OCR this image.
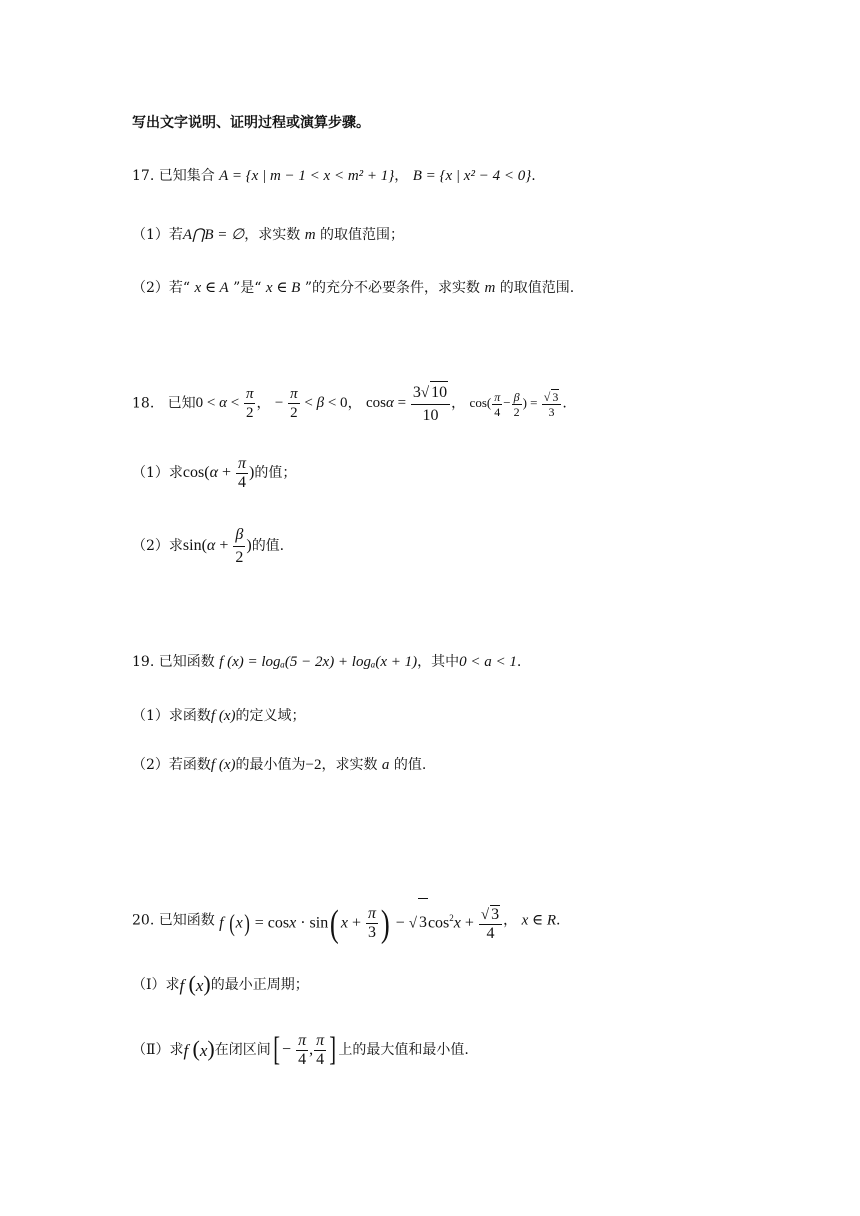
写出文字说明、证明过程或演算步骤。
17. 已知集合 A = {x | m − 1 < x < m² + 1}， B = {x | x² − 4 < 0}.
（1）若A⋂B = ∅，求实数 m 的取值范围；
（2）若“ x ∈ A ”是“ x ∈ B ”的充分不必要条件，求实数 m 的取值范围.
18. 已知$0 < \alpha < \frac{\pi}{2}$ ， − $\frac{\pi}{2} < \beta < 0$， $\cos\alpha = \frac{3√ 10}{10}$ ， $\cos( \frac{\pi}{4} - \frac{\beta}{2}$ ) = $\frac{√ 3}{3}$ .
（1）求$\cos(\alpha + \frac{\pi}{4}$ )的值；
（2）求$\sin(\alpha + \frac{\beta}{2}$ )的值.
19. 已知函数 f (x) = logₐ(5 − 2x) + logₐ(x + 1)，其中0 < a < 1.
（1）求函数f (x)的定义域；
（2）若函数f (x)的最小值为−2，求实数 a 的值.
20. 已知函数 f (x) = cosx · sin( $x + \frac{\pi}{3}$ ) − √ $3\cos^2x + \frac{√ 3}{4}$ ， x ∈ R.
（Ⅰ）求f (x)的最小正周期；
（Ⅱ）求f (x)在闭区间[ − $\frac{\pi}{4}$ , $\frac{\pi}{4}$ ] 上的最大值和最小值.
